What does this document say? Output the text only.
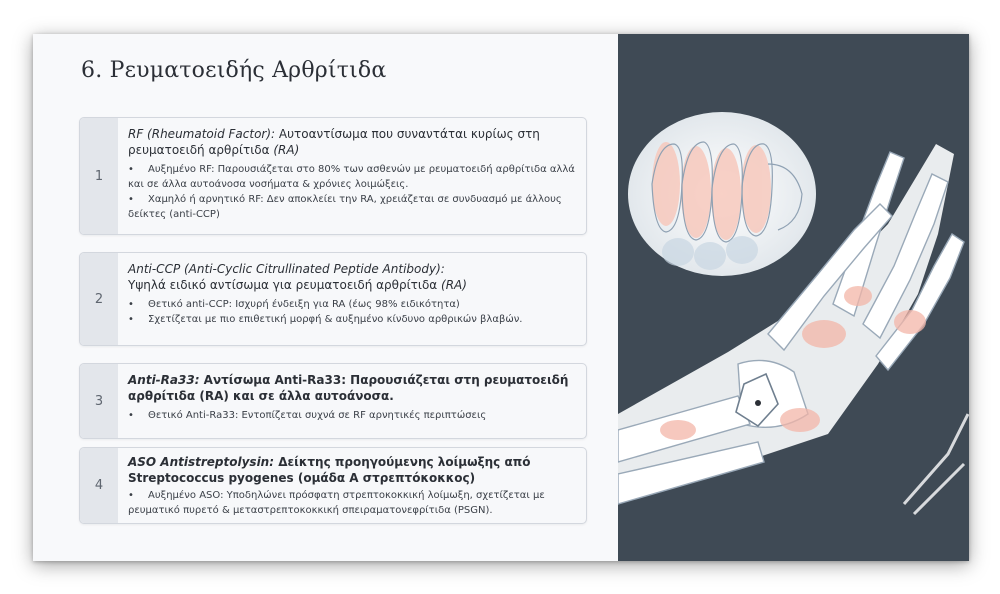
6. Ρευματοειδής Αρθρίτιδα
1

RF (Rheumatoid Factor): Αυτοαντίσωμα που συναντάται κυρίως στη ρευματοειδή αρθρίτιδα (RA)

• Αυξημένο RF: Παρουσιάζεται στο 80% των ασθενών με ρευματοειδή αρθρίτιδα αλλά και σε άλλα αυτοάνοσα νοσήματα & χρόνιες λοιμώξεις.

• Χαμηλό ή αρνητικό RF: Δεν αποκλείει την RA, χρειάζεται σε συνδυασμό με άλλους δείκτες (anti-CCP)

2

Anti-CCP (Anti-Cyclic Citrullinated Peptide Antibody):
Υψηλά ειδικό αντίσωμα για ρευματοειδή αρθρίτιδα (RA)

• Θετικό anti-CCP: Ισχυρή ένδειξη για RA (έως 98% ειδικότητα)

• Σχετίζεται με πιο επιθετική μορφή & αυξημένο κίνδυνο αρθρικών βλαβών.

3

Anti-Ra33: Αντίσωμα Anti-Ra33: Παρουσιάζεται στη ρευματοειδή αρθρίτιδα (RA) και σε άλλα αυτοάνοσα.

• Θετικό Anti-Ra33: Εντοπίζεται συχνά σε RF αρνητικές περιπτώσεις

4

ASO Antistreptolysin: Δείκτης προηγούμενης λοίμωξης από Streptococcus pyogenes (ομάδα A στρεπτόκοκκος)

• Αυξημένο ASO: Υποδηλώνει πρόσφατη στρεπτοκοκκική λοίμωξη, σχετίζεται με ρευματικό πυρετό & μεταστρεπτοκοκκική σπειραματονεφρίτιδα (PSGN).
